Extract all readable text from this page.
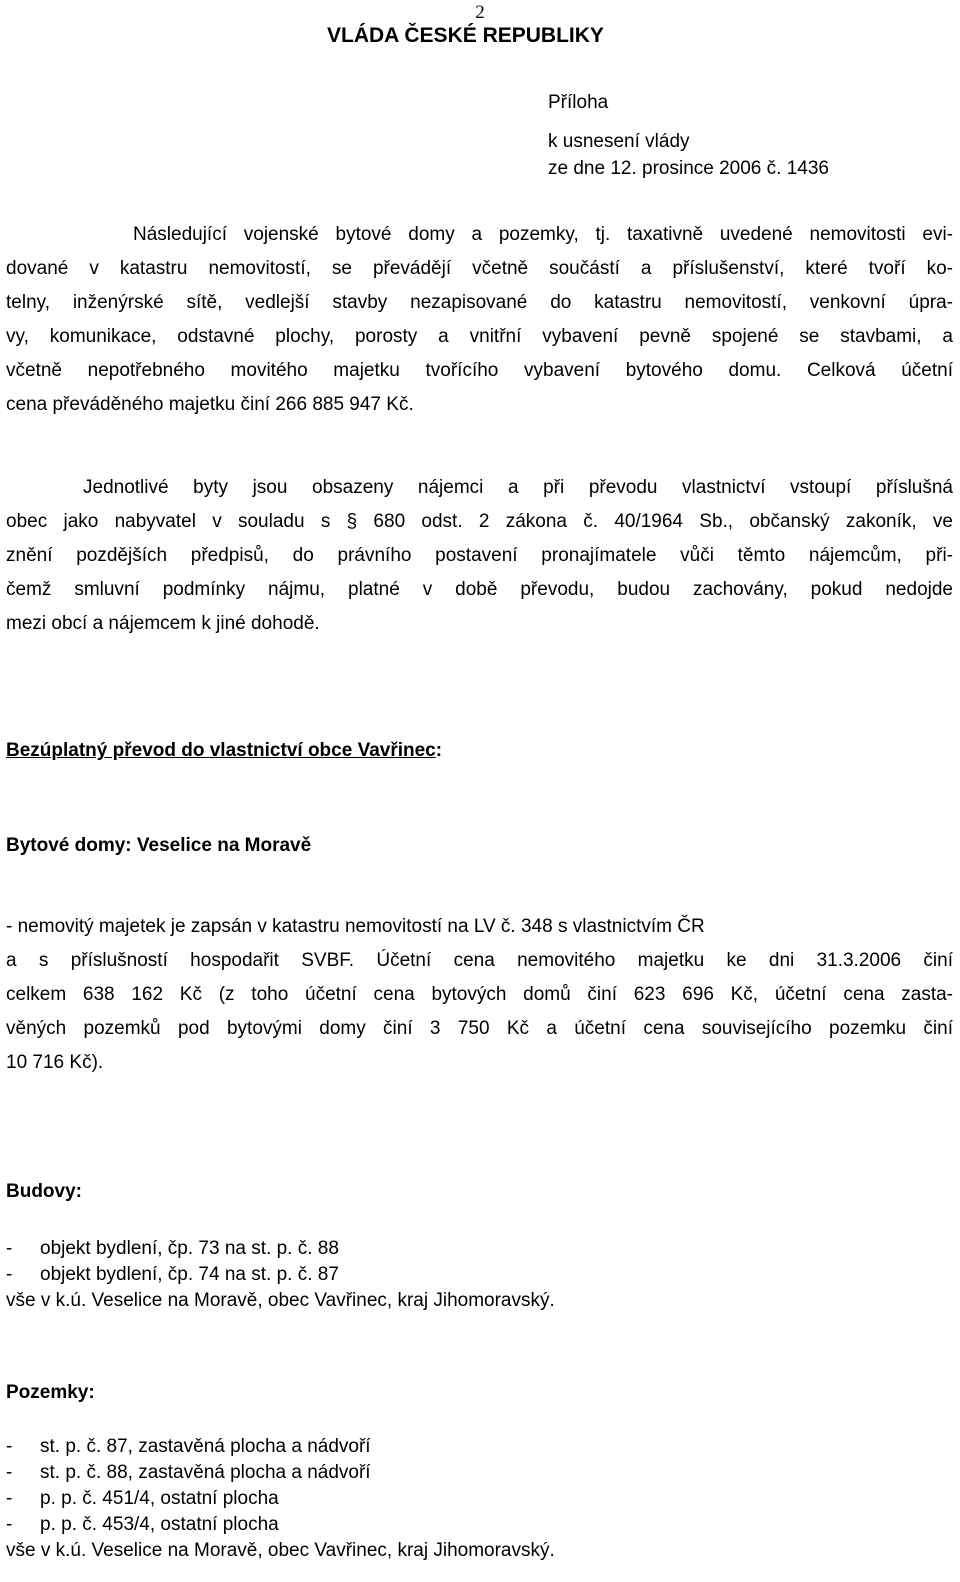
2
VLÁDA ČESKÉ REPUBLIKY
Příloha
k usnesení vlády
ze dne 12. prosince 2006 č. 1436

Následující vojenské bytové domy a pozemky, tj. taxativně uvedené nemovitosti evi-
dované v katastru nemovitostí, se převádějí včetně součástí a příslušenství, které tvoří ko-
telny, inženýrské sítě, vedlejší stavby nezapisované do katastru nemovitostí, venkovní úpra-
vy, komunikace, odstavné plochy, porosty a vnitřní vybavení pevně spojené se stavbami, a
včetně nepotřebného movitého majetku tvořícího vybavení bytového domu. Celková účetní
cena převáděného majetku činí 266 885 947 Kč.

Jednotlivé byty jsou obsazeny nájemci a při převodu vlastnictví vstoupí příslušná
obec jako nabyvatel v souladu s § 680 odst. 2 zákona č. 40/1964 Sb., občanský zakoník, ve
znění pozdějších předpisů, do právního postavení pronajímatele vůči těmto nájemcům, při-
čemž smluvní podmínky nájmu, platné v době převodu, budou zachovány, pokud nedojde
mezi obcí a nájemcem k jiné dohodě.

Bezúplatný převod do vlastnictví obce Vavřinec:
Bytové domy: Veselice na Moravě

- nemovitý majetek je zapsán v katastru nemovitostí na LV č. 348 s vlastnictvím ČR
a s příslušností hospodařit SVBF. Účetní cena nemovitého majetku ke dni 31.3.2006 činí
celkem 638 162 Kč (z toho účetní cena bytových domů činí 623 696 Kč, účetní cena zasta-
věných pozemků pod bytovými domy činí 3 750 Kč a účetní cena souvisejícího pozemku činí
10 716 Kč).

Budovy:
- objekt bydlení, čp. 73 na st. p. č. 88
- objekt bydlení, čp. 74 na st. p. č. 87
vše v k.ú. Veselice na Moravě, obec Vavřinec, kraj Jihomoravský.
Pozemky:
- st. p. č. 87, zastavěná plocha a nádvoří
- st. p. č. 88, zastavěná plocha a nádvoří
- p. p. č. 451/4, ostatní plocha
- p. p. č. 453/4, ostatní plocha
vše v k.ú. Veselice na Moravě, obec Vavřinec, kraj Jihomoravský.
